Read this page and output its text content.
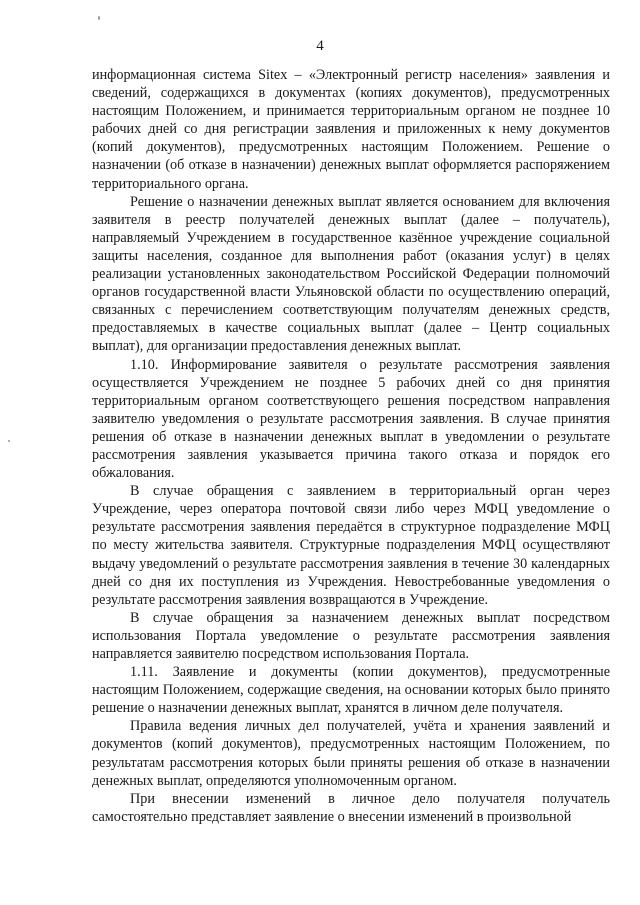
4

информационная система Sitex – «Электронный регистр населения» заявления и сведений, содержащихся в документах (копиях документов), предусмотренных настоящим Положением, и принимается территориальным органом не позднее 10 рабочих дней со дня регистрации заявления и приложенных к нему документов (копий документов), предусмотренных настоящим Положением. Решение о назначении (об отказе в назначении) денежных выплат оформляется распоряжением территориального органа.

Решение о назначении денежных выплат является основанием для включения заявителя в реестр получателей денежных выплат (далее – получатель), направляемый Учреждением в государственное казённое учреждение социальной защиты населения, созданное для выполнения работ (оказания услуг) в целях реализации установленных законодательством Российской Федерации полномочий органов государственной власти Ульяновской области по осуществлению операций, связанных с перечислением соответствующим получателям денежных средств, предоставляемых в качестве социальных выплат (далее – Центр социальных выплат), для организации предоставления денежных выплат.

1.10. Информирование заявителя о результате рассмотрения заявления осуществляется Учреждением не позднее 5 рабочих дней со дня принятия территориальным органом соответствующего решения посредством направления заявителю уведомления о результате рассмотрения заявления. В случае принятия решения об отказе в назначении денежных выплат в уведомлении о результате рассмотрения заявления указывается причина такого отказа и порядок его обжалования.

В случае обращения с заявлением в территориальный орган через Учреждение, через оператора почтовой связи либо через МФЦ уведомление о результате рассмотрения заявления передаётся в структурное подразделение МФЦ по месту жительства заявителя. Структурные подразделения МФЦ осуществляют выдачу уведомлений о результате рассмотрения заявления в течение 30 календарных дней со дня их поступления из Учреждения. Невостребованные уведомления о результате рассмотрения заявления возвращаются в Учреждение.

В случае обращения за назначением денежных выплат посредством использования Портала уведомление о результате рассмотрения заявления направляется заявителю посредством использования Портала.

1.11. Заявление и документы (копии документов), предусмотренные настоящим Положением, содержащие сведения, на основании которых было принято решение о назначении денежных выплат, хранятся в личном деле получателя.

Правила ведения личных дел получателей, учёта и хранения заявлений и документов (копий документов), предусмотренных настоящим Положением, по результатам рассмотрения которых были приняты решения об отказе в назначении денежных выплат, определяются уполномоченным органом.

При внесении изменений в личное дело получателя получатель самостоятельно представляет заявление о внесении изменений в произвольной
